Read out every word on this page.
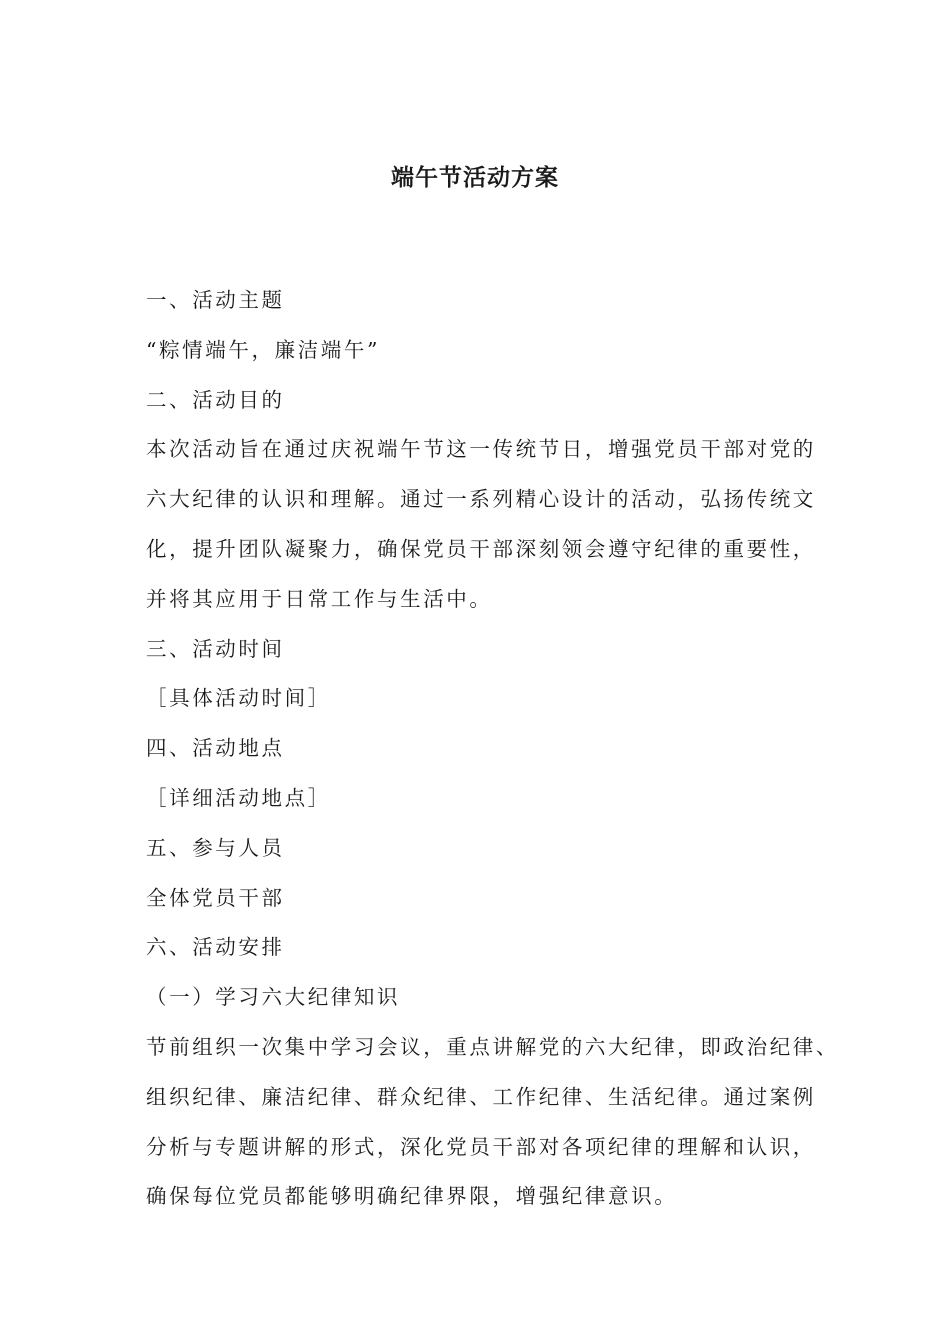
端午节活动方案
一、活动主题
“粽情端午，廉洁端午”
二、活动目的
本次活动旨在通过庆祝端午节这一传统节日，增强党员干部对党的
六大纪律的认识和理解。通过一系列精心设计的活动，弘扬传统文
化，提升团队凝聚力，确保党员干部深刻领会遵守纪律的重要性，
并将其应用于日常工作与生活中。
三、活动时间
［具体活动时间］
四、活动地点
［详细活动地点］
五、参与人员
全体党员干部
六、活动安排
（一）学习六大纪律知识
节前组织一次集中学习会议，重点讲解党的六大纪律，即政治纪律、
组织纪律、廉洁纪律、群众纪律、工作纪律、生活纪律。通过案例
分析与专题讲解的形式，深化党员干部对各项纪律的理解和认识，
确保每位党员都能够明确纪律界限，增强纪律意识。
